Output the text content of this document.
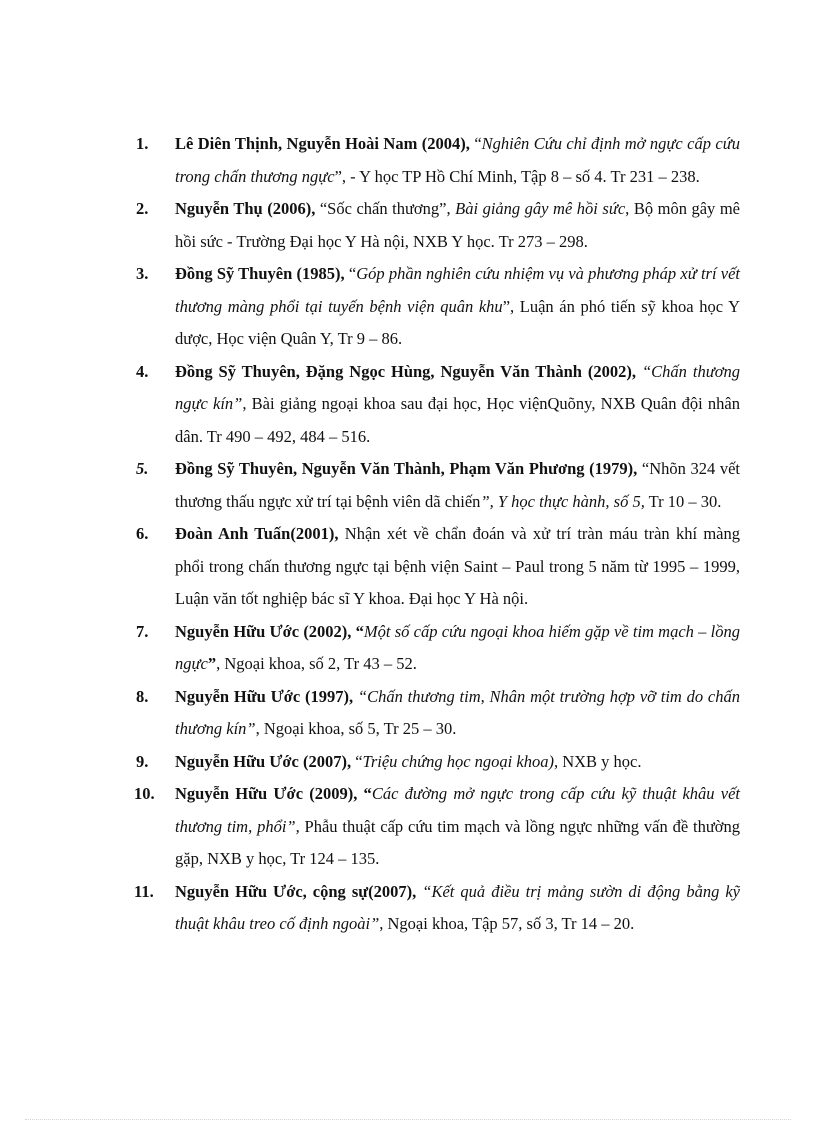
1. Lê Diên Thịnh, Nguyễn Hoài Nam (2004), “Nghiên Cứu chỉ định mở ngực cấp cứu trong chấn thương ngực”, - Y học TP Hồ Chí Minh, Tập 8 – số 4. Tr 231 – 238.
2. Nguyễn Thụ (2006), “Sốc chấn thương”, Bài giảng gây mê hồi sức, Bộ môn gây mê hồi sức - Trường Đại học Y Hà nội, NXB Y học. Tr 273 – 298.
3. Đồng Sỹ Thuyên (1985), “Góp phần nghiên cứu nhiệm vụ và phương pháp xử trí vết thương màng phổi tại tuyến bệnh viện quân khu”, Luận án phó tiến sỹ khoa học Y dược, Học viện Quân Y, Tr 9 – 86.
4. Đồng Sỹ Thuyên, Đặng Ngọc Hùng, Nguyễn Văn Thành (2002), “Chấn thương ngực kín”, Bài giảng ngoại khoa sau đại học, Học việnQuõny, NXB Quân đội nhân dân. Tr 490 – 492, 484 – 516.
5. Đồng Sỹ Thuyên, Nguyễn Văn Thành, Phạm Văn Phương (1979), “Nhõn 324 vết thương thấu ngực xử trí tại bệnh viên dã chiến”, Y học thực hành, số 5, Tr 10 – 30.
6. Đoàn Anh Tuấn(2001), Nhận xét về chẩn đoán và xử trí tràn máu tràn khí màng phổi trong chấn thương ngực tại bệnh viện Saint – Paul trong 5 năm từ 1995 – 1999, Luận văn tốt nghiệp bác sĩ Y khoa. Đại học Y Hà nội.
7. Nguyễn Hữu Ước (2002), “Một số cấp cứu ngoại khoa hiếm gặp về tim mạch – lồng ngực”, Ngoại khoa, số 2, Tr 43 – 52.
8. Nguyễn Hữu Ước (1997), “Chấn thương tim, Nhân một trường hợp vỡ tim do chấn thương kín”, Ngoại khoa, số 5, Tr 25 – 30.
9. Nguyễn Hữu Ước (2007), “Triệu chứng học ngoại khoa), NXB y học.
10. Nguyễn Hữu Ước (2009), “Các đường mở ngực trong cấp cứu kỹ thuật khâu vết thương tim, phổi”, Phẫu thuật cấp cứu tim mạch và lồng ngực những vấn đề thường gặp, NXB y học, Tr 124 – 135.
11. Nguyễn Hữu Ước, cộng sự(2007), “Kết quả điều trị mảng sườn di động bằng kỹ thuật khâu treo cố định ngoài”, Ngoại khoa, Tập 57, số 3, Tr 14 – 20.
